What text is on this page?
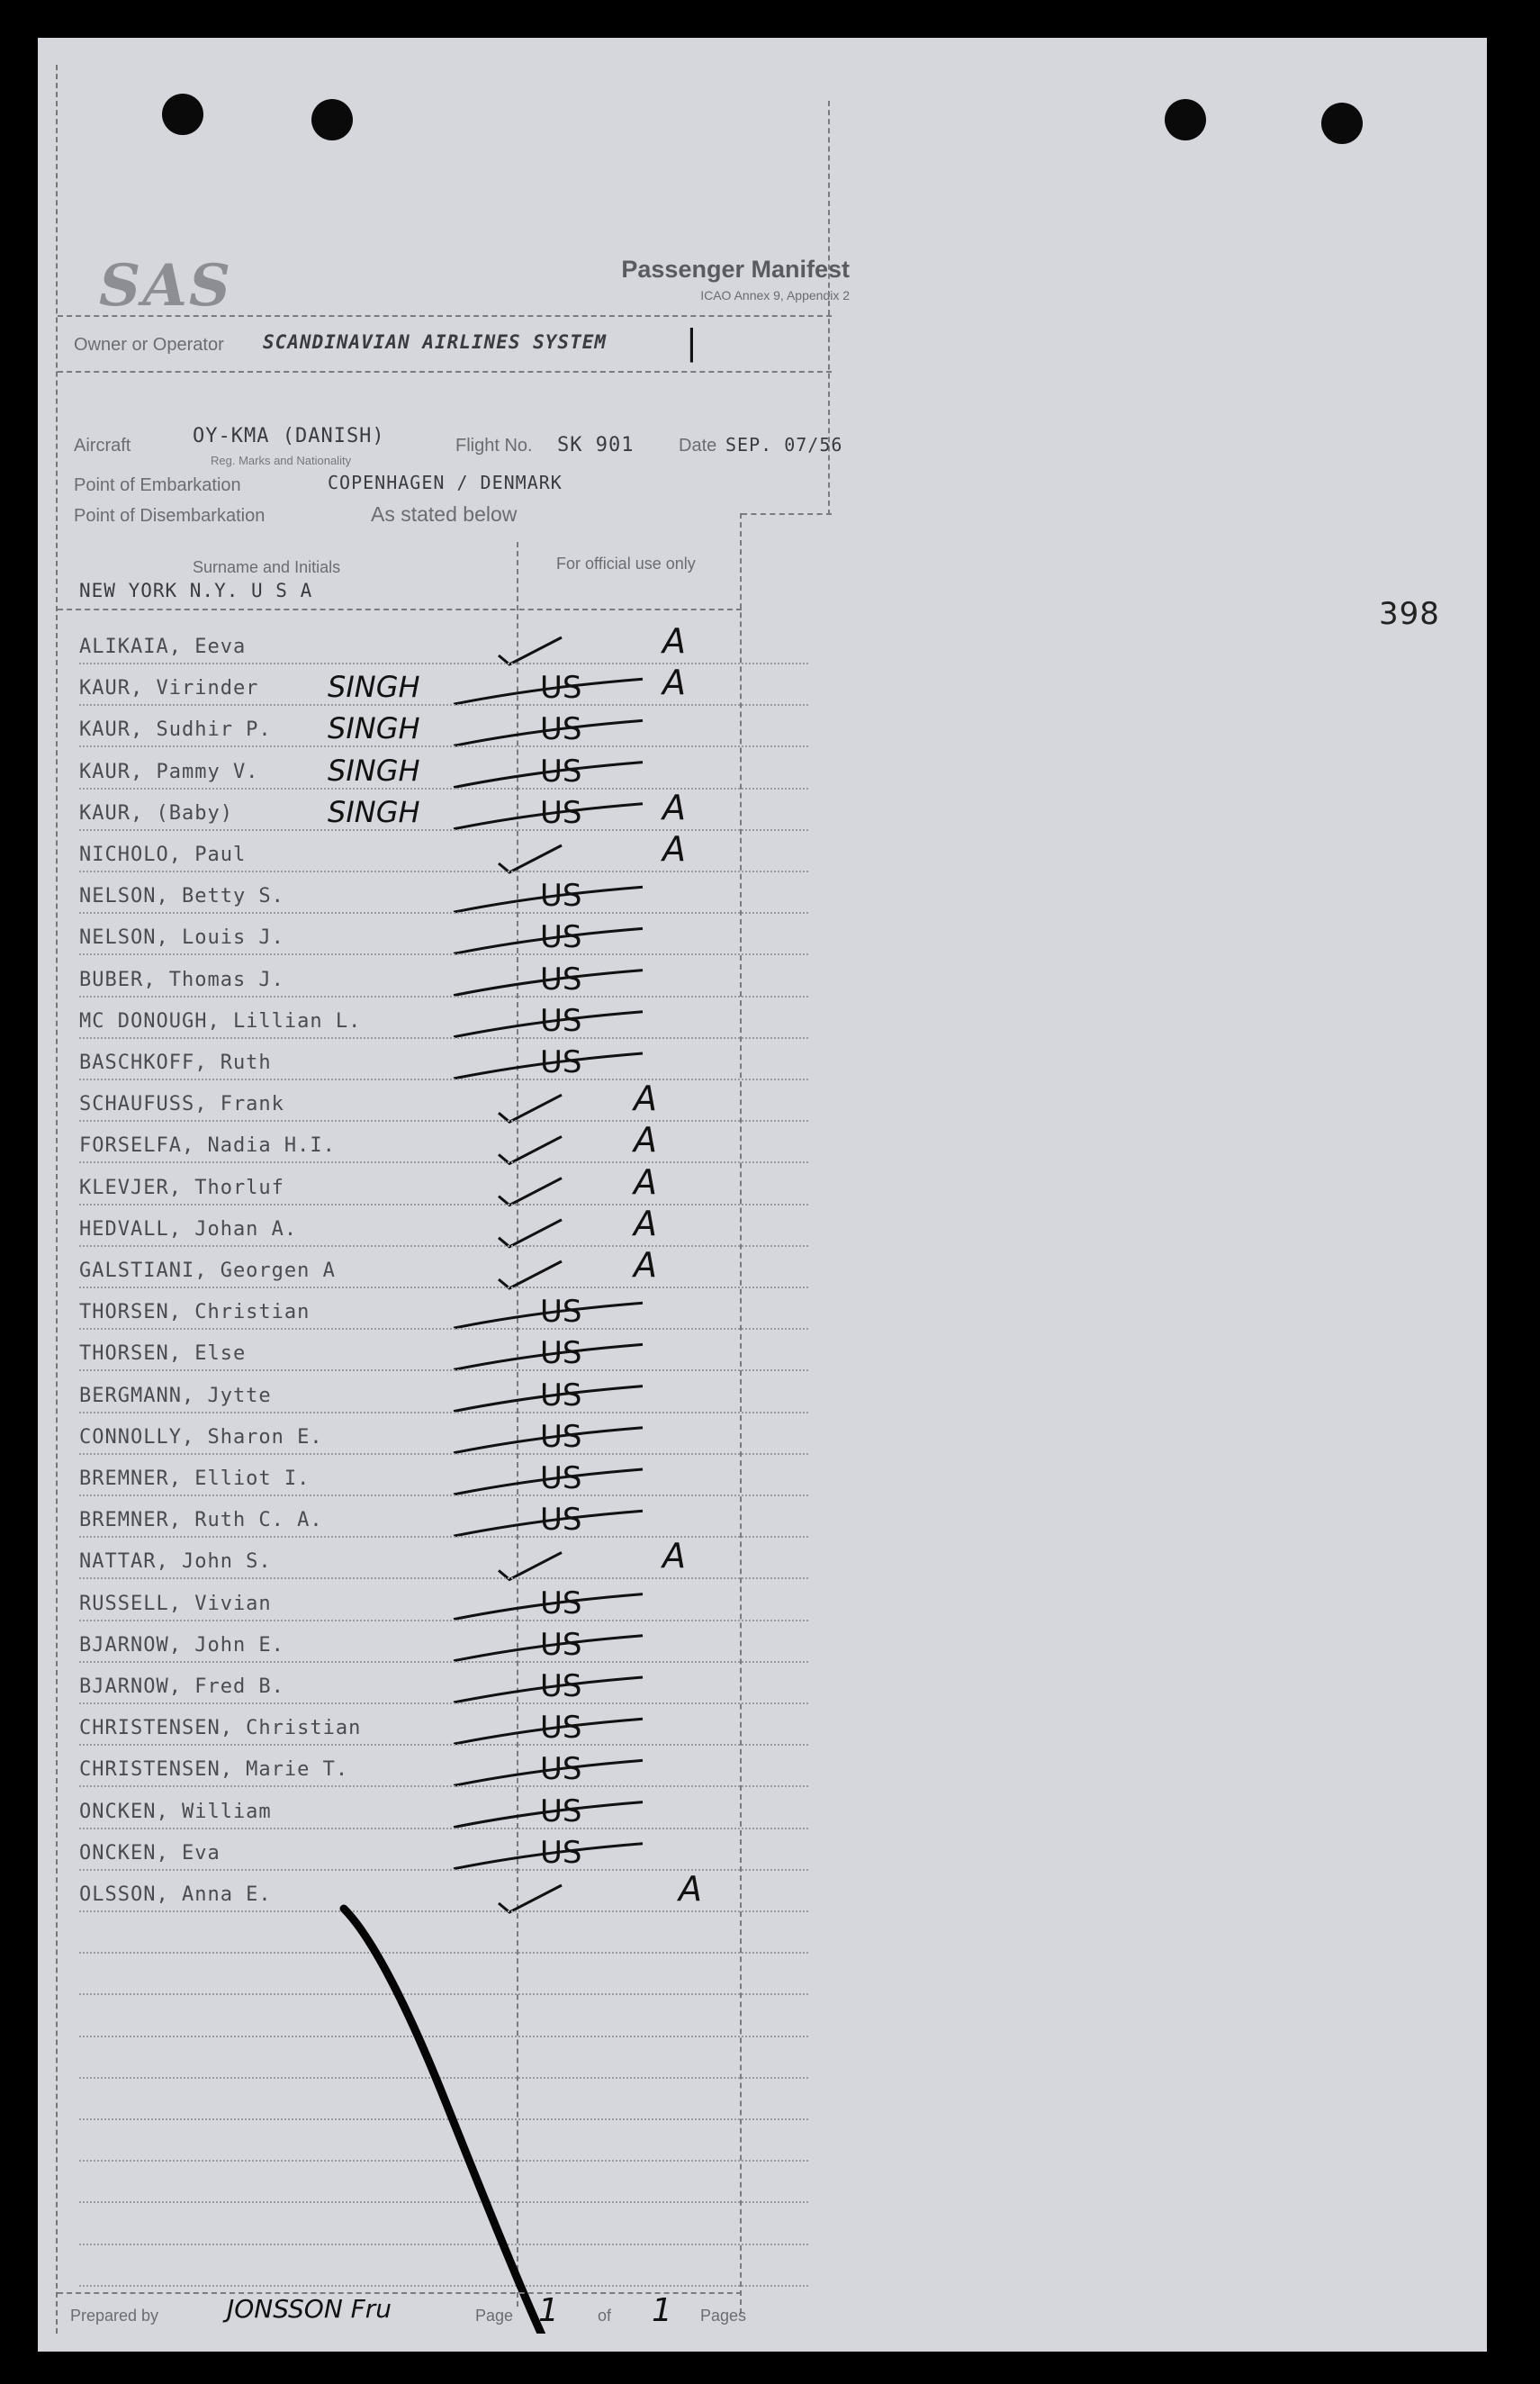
398
SAS	Passenger Manifest
ICAO Annex 9, Appendix 2
Owner or Operator SCANDINAVIAN AIRLINES SYSTEM |
Aircraft	OY-KMA (DANISH)
Reg. Marks and Nationality
Flight No. SK 901 Date SEP. 07/56
Point of Embarkation	COPENHAGEN / DENMARK
Point of Disembarkation	As stated below
Surname and Initials	For official use only
NEW YORK N.Y. U S A
ALIKAIA, Eeva	A
KAUR, Virinder SINGH	US A
KAUR, Sudhir P. SINGH	US
KAUR, Pammy V. SINGH	US
KAUR, (Baby)	SINGH	US A
NICHOLO, Paul	A
NELSON, Betty S.	US
NELSON, Louis J.	US
BUBER, Thomas J.	US
MC DONOUGH, Lillian L.	US
BASCHKOFF, Ruth	US
SCHAUFUSS, Frank	A
FORSELFA, Nadia H.I.	A
KLEVJER, Thorluf	A
HEDVALL, Johan A.	A
GALSTIANI, Georgen A	A
THORSEN, Christian	US
THORSEN, Else	US
BERGMANN, Jytte	US
CONNOLLY, Sharon E.	US
BREMNER, Elliot I.	US
BREMNER, Ruth C. A.	US
NATTAR, John S.	A
RUSSELL, Vivian	US
BJARNOW, John E.	US
BJARNOW, Fred B.	US
CHRISTENSEN, Christian	US
CHRISTENSEN, Marie T.	US
ONCKEN, William	US
ONCKEN, Eva	US
OLSSON, Anna E.	A
Prepared by	JONSSON Fru	Page 1 of 1 Pages
